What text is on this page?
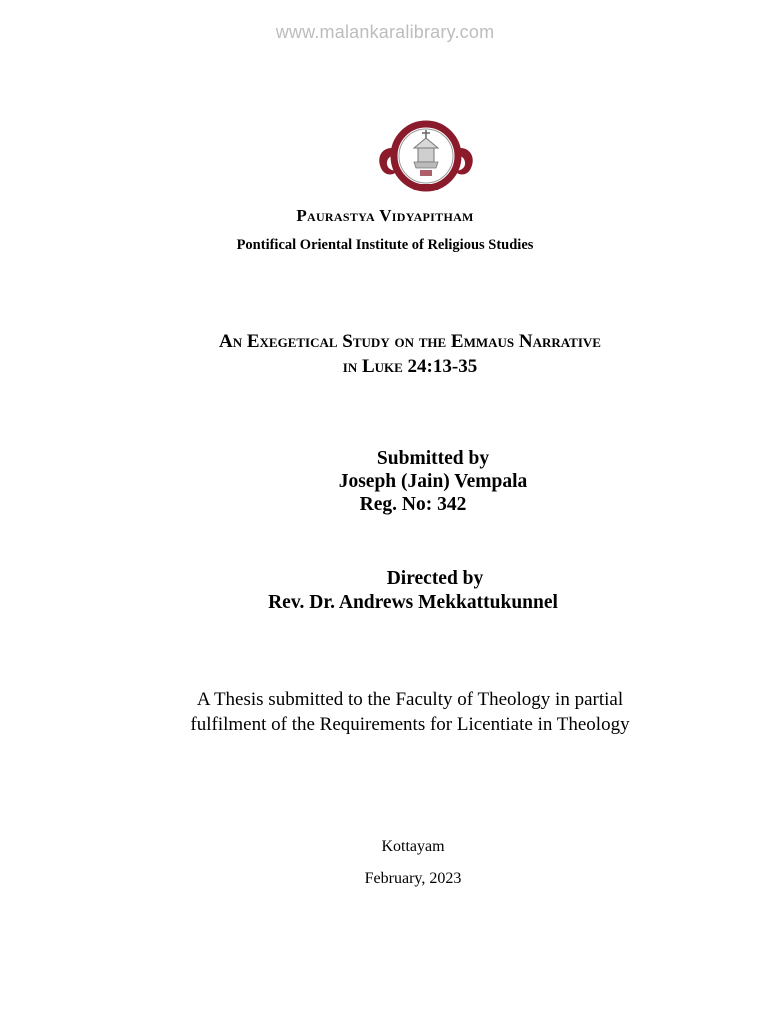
www.malankaralibrary.com
Paurastya Vidyapitham
Pontifical Oriental Institute of Religious Studies
An Exegetical Study on the Emmaus Narrative
in Luke 24:13-35
Submitted by
Joseph (Jain) Vempala
Reg. No: 342
Directed by
Rev. Dr. Andrews Mekkattukunnel
A Thesis submitted to the Faculty of Theology in partial
fulfilment of the Requirements for Licentiate in Theology
Kottayam
February, 2023
